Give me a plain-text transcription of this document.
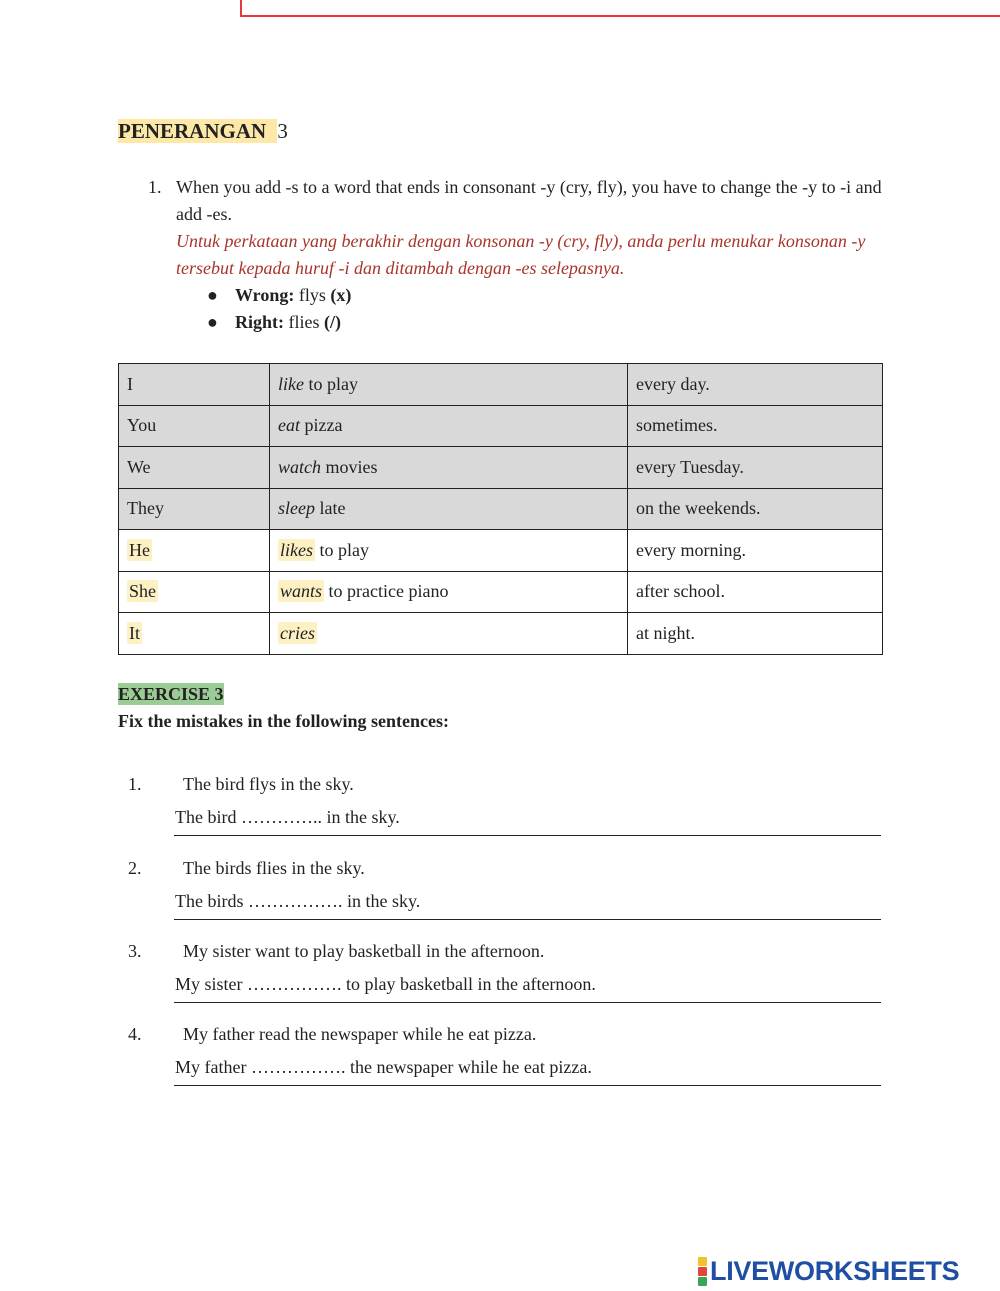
PENERANGAN 3
1. When you add -s to a word that ends in consonant -y (cry, fly), you have to change the -y to -i and add -es.
Untuk perkataan yang berakhir dengan konsonan -y (cry, fly), anda perlu menukar konsonan -y tersebut kepada huruf -i dan ditambah dengan -es selepasnya.
● Wrong: flys (x)
● Right: flies (/)
I	like to play	every day.
You	eat pizza	sometimes.
We	watch movies	every Tuesday.
They	sleep late	on the weekends.
He	likes to play	every morning.
She	wants to practice piano	after school.
It	cries	at night.
EXERCISE 3
Fix the mistakes in the following sentences:
1. The bird flys in the sky.
The bird ………….. in the sky.
2. The birds flies in the sky.
The birds ……………. in the sky.
3. My sister want to play basketball in the afternoon.
My sister ……………. to play basketball in the afternoon.
4. My father read the newspaper while he eat pizza.
My father ……………. the newspaper while he eat pizza.
LIVEWORKSHEETS
